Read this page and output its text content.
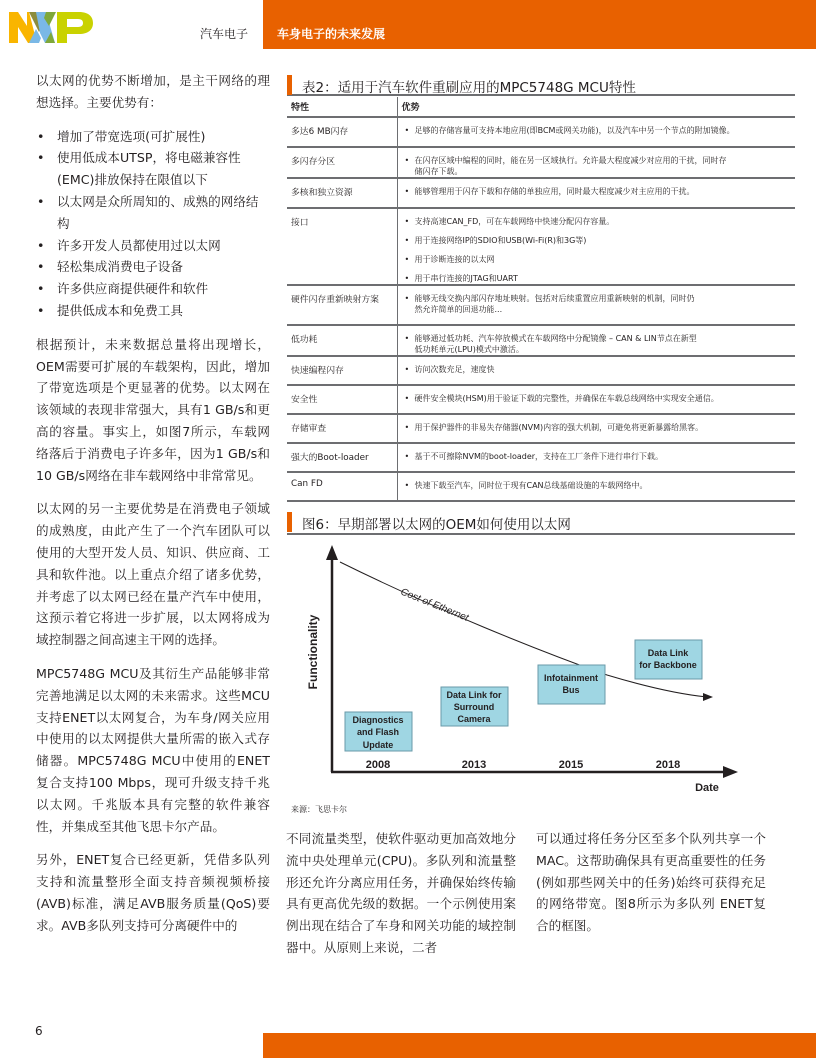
汽车电子 车身电子的未来发展

以太网的优势不断增加，是主干网络的理想选择。主要优势有：

• 增加了带宽选项(可扩展性)
• 使用低成本UTSP，将电磁兼容性(EMC)排放保持在限值以下
• 以太网是众所周知的、成熟的网络结构
• 许多开发人员都使用过以太网
• 轻松集成消费电子设备
• 许多供应商提供硬件和软件
• 提供低成本和免费工具

根据预计，未来数据总量将出现增长，OEM需要可扩展的车载架构，因此，增加了带宽选项是个更显著的优势。以太网在该领域的表现非常强大，具有1 GB/s和更高的容量。事实上，如图7所示，车载网络落后于消费电子许多年，因为1 GB/s和10 GB/s网络在非车载网络中非常常见。

以太网的另一主要优势是在消费电子领域的成熟度，由此产生了一个汽车团队可以使用的大型开发人员、知识、供应商、工具和软件池。以上重点介绍了诸多优势，并考虑了以太网已经在量产汽车中使用，这预示着它将进一步扩展，以太网将成为域控制器之间高速主干网的选择。

MPC5748G MCU及其衍生产品能够非常完善地满足以太网的未来需求。这些MCU支持ENET以太网复合，为车身/网关应用中使用的以太网提供大量所需的嵌入式存储器。MPC5748G MCU中使用的ENET复合支持100 Mbps，现可升级支持千兆以太网。千兆版本具有完整的软件兼容性，并集成至其他飞思卡尔产品。

另外，ENET复合已经更新，凭借多队列支持和流量整形全面支持音频视频桥接(AVB)标准，满足AVB服务质量(QoS)要求。AVB多队列支持可分离硬件中的

表2：适用于汽车软件重刷应用的MPC5748G MCU特性
特性	优势
多达6 MB闪存	• 足够的存储容量可支持本地应用(即BCM或网关功能)，以及汽车中另一个节点的附加镜像。

多闪存分区	• 在闪存区域中编程的同时，能在另一区域执行。允许最大程度减少对应用的干扰，同时存储闪存下载。

多核和独立资源	• 能够管理用于闪存下载和存储的单独应用，同时最大程度减少对主应用的干扰。

接口	• 支持高速CAN_FD，可在车载网络中快速分配闪存容量。
• 用于连接网络IP的SDIO和USB(Wi-Fi(R)和3G等)
• 用于诊断连接的以太网
• 用于串行连接的JTAG和UART

硬件闪存重新映射方案	• 能够无线交换内部闪存地址映射。包括对后续重置应用重新映射的机制，同时仍然允许简单的回退功能...

低功耗	• 能够通过低功耗、汽车停放模式在车载网络中分配镜像 – CAN & LIN节点在新型低功耗单元(LPU)模式中激活。

快速编程闪存	• 访问次数充足，速度快

安全性	• 硬件安全模块(HSM)用于验证下载的完整性，并确保在车载总线网络中实现安全通信。

存储审查	• 用于保护器件的非易失存储器(NVM)内容的强大机制，可避免将更新暴露给黑客。

强大的Boot-loader	• 基于不可擦除NVM的boot-loader，支持在工厂条件下进行串行下载。

Can FD	• 快速下载至汽车，同时位于现有CAN总线基础设施的车载网络中。
图6：早期部署以太网的OEM如何使用以太网
Functionality
Date
Cost of Ethernet
Diagnostics
and Flash
Update
Data Link for
Surround
Camera
Infotainment
Bus
Data Link
for Backbone
2008	2013	2015	2018
来源：飞思卡尔
不同流量类型，使软件驱动更加高效地分流中央处理单元(CPU)。多队列和流量整形还允许分离应用任务，并确保始终传输具有更高优先级的数据。一个示例使用案例出现在结合了车身和网关功能的域控制器中。从原则上来说，二者
可以通过将任务分区至多个队列共享一个MAC。这帮助确保具有更高重要性的任务(例如那些网关中的任务)始终可获得充足的网络带宽。图8所示为多队列 ENET复合的框图。
6
